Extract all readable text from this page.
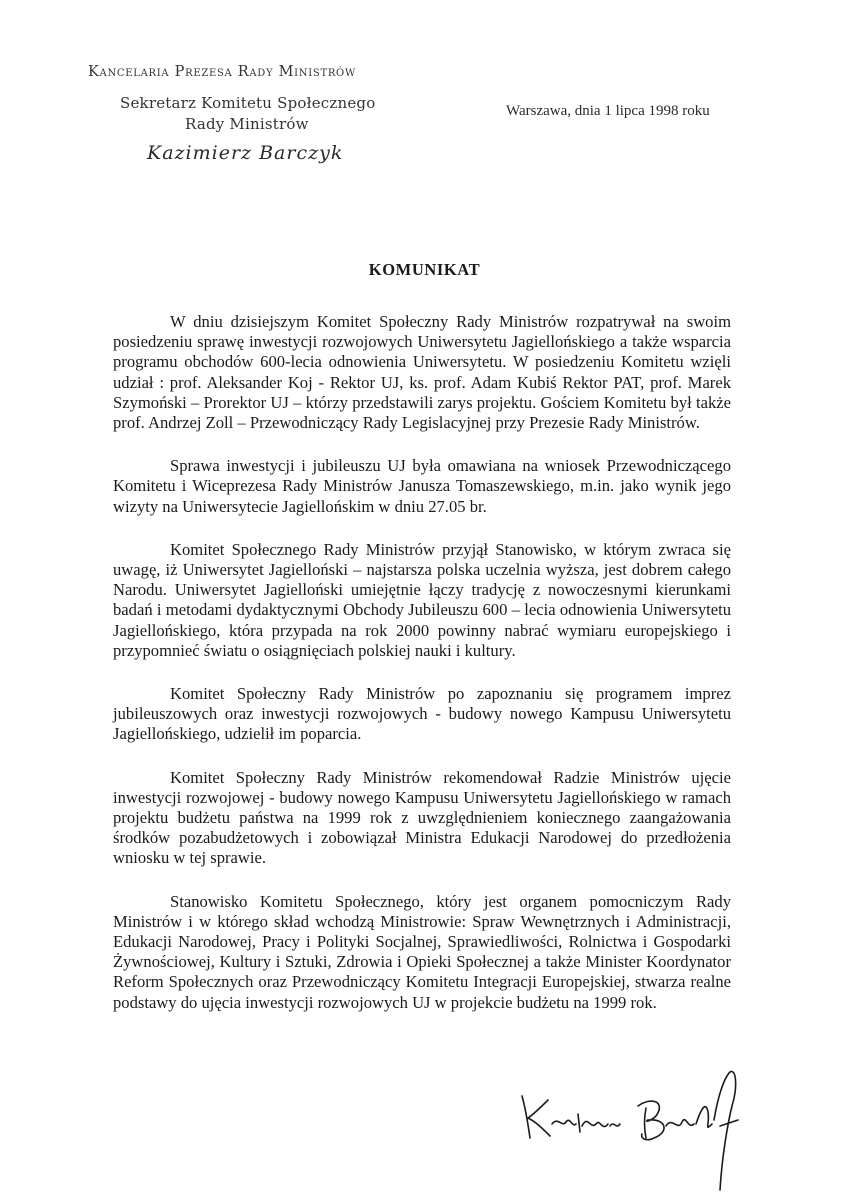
Kancelaria Prezesa Rady Ministrów
Sekretarz Komitetu Społecznego
Rady Ministrów
Kazimierz Barczyk
Warszawa, dnia 1 lipca 1998 roku
KOMUNIKAT

W dniu dzisiejszym Komitet Społeczny Rady Ministrów rozpatrywał na swoim posiedzeniu sprawę inwestycji rozwojowych Uniwersytetu Jagiellońskiego a także wsparcia programu obchodów 600-lecia odnowienia Uniwersytetu. W posiedzeniu Komitetu wzięli udział : prof. Aleksander Koj - Rektor UJ, ks. prof. Adam Kubiś Rektor PAT, prof. Marek Szymoński – Prorektor UJ – którzy przedstawili zarys projektu. Gościem Komitetu był także prof. Andrzej Zoll – Przewodniczący Rady Legislacyjnej przy Prezesie Rady Ministrów.

Sprawa inwestycji i jubileuszu UJ była omawiana na wniosek Przewodniczącego Komitetu i Wiceprezesa Rady Ministrów Janusza Tomaszewskiego, m.in. jako wynik jego wizyty na Uniwersytecie Jagiellońskim w dniu 27.05 br.

Komitet Społecznego Rady Ministrów przyjął Stanowisko, w którym zwraca się uwagę, iż Uniwersytet Jagielloński – najstarsza polska uczelnia wyższa, jest dobrem całego Narodu. Uniwersytet Jagielloński umiejętnie łączy tradycję z nowoczesnymi kierunkami badań i metodami dydaktycznymi Obchody Jubileuszu 600 – lecia odnowienia Uniwersytetu Jagiellońskiego, która przypada na rok 2000 powinny nabrać wymiaru europejskiego i przypomnieć światu o osiągnięciach polskiej nauki i kultury.

Komitet Społeczny Rady Ministrów po zapoznaniu się programem imprez jubileuszowych oraz inwestycji rozwojowych - budowy nowego Kampusu Uniwersytetu Jagiellońskiego, udzielił im poparcia.

Komitet Społeczny Rady Ministrów rekomendował Radzie Ministrów ujęcie inwestycji rozwojowej - budowy nowego Kampusu Uniwersytetu Jagiellońskiego w ramach projektu budżetu państwa na 1999 rok z uwzględnieniem koniecznego zaangażowania środków pozabudżetowych i zobowiązał Ministra Edukacji Narodowej do przedłożenia wniosku w tej sprawie.

Stanowisko Komitetu Społecznego, który jest organem pomocniczym Rady Ministrów i w którego skład wchodzą Ministrowie: Spraw Wewnętrznych i Administracji, Edukacji Narodowej, Pracy i Polityki Socjalnej, Sprawiedliwości, Rolnictwa i Gospodarki Żywnościowej, Kultury i Sztuki, Zdrowia i Opieki Społecznej a także Minister Koordynator Reform Społecznych oraz Przewodniczący Komitetu Integracji Europejskiej, stwarza realne podstawy do ujęcia inwestycji rozwojowych UJ w projekcie budżetu na 1999 rok.
